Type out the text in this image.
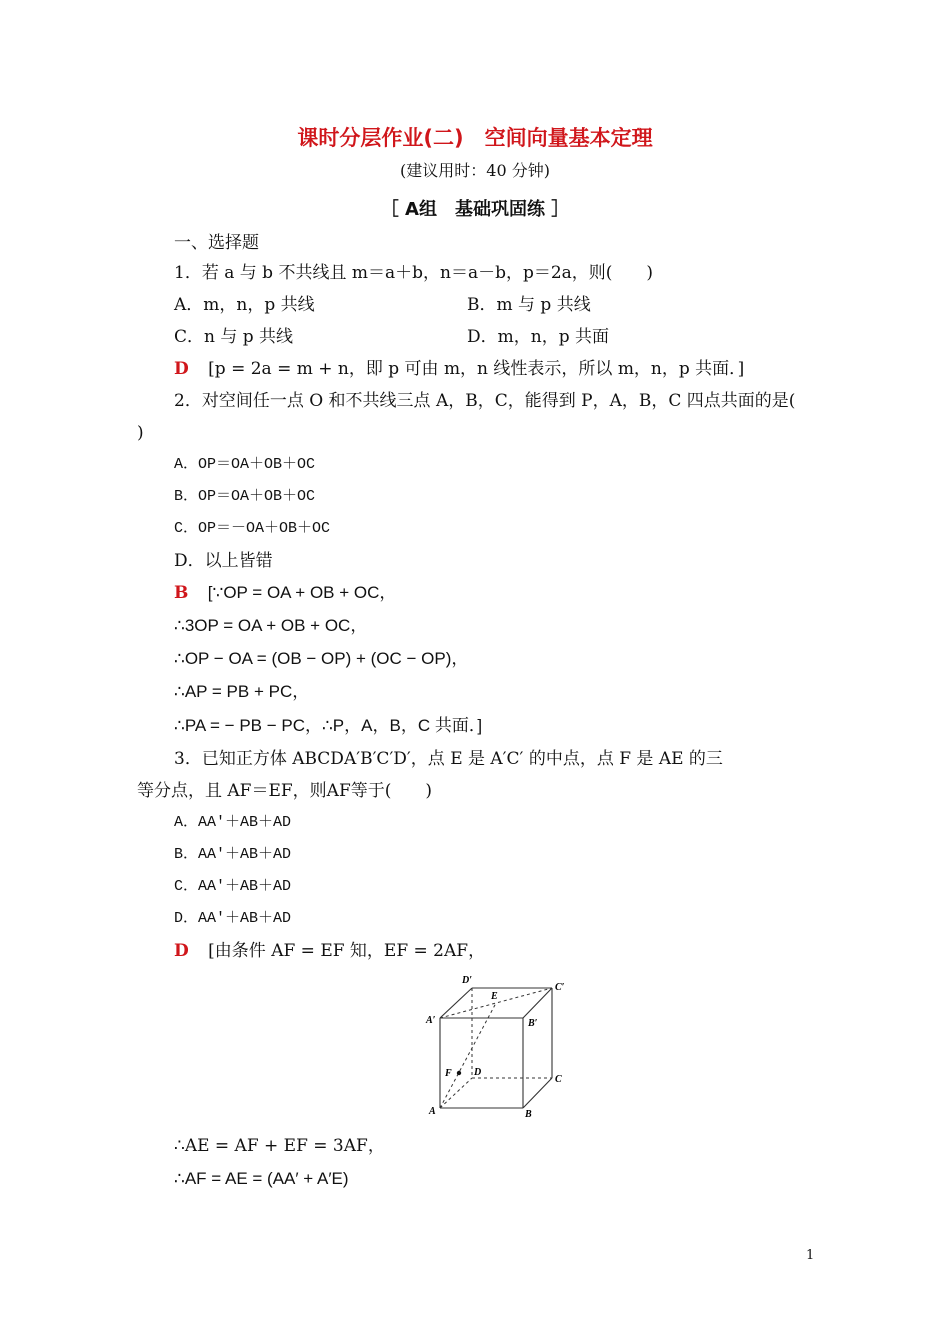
课时分层作业(二)　空间向量基本定理
(建议用时：40 分钟)
［ A组　基础巩固练 ］
一、选择题
1．若 a 与 b 不共线且 m＝a＋b，n＝a－b，p＝2a，则(　　)
A．m，n，p 共线	B．m 与 p 共线
C．n 与 p 共线	D．m，n，p 共面
D [p = 2a = m + n，即 p 可由 m，n 线性表示，所以 m，n，p 共面．]
2．对空间任一点 O 和不共线三点 A，B，C，能得到 P，A，B，C 四点共面的是(
)
A．OP＝OA＋OB＋OC
B．OP＝OA＋OB＋OC
C．OP＝－OA＋OB＋OC
D．以上皆错
B [∵OP = OA + OB + OC，
∴3OP = OA + OB + OC，
∴OP − OA = (OB − OP) + (OC − OP)，
∴AP = PB + PC，
∴PA = − PB − PC，∴P，A，B，C 共面．]
3．已知正方体 ABCDA′B′C′D′，点 E 是 A′C′ 的中点，点 F 是 AE 的三
等分点，且 AF＝EF，则AF等于(　　)
A．AA′＋AB＋AD
B．AA′＋AB＋AD
C．AA′＋AB＋AD
D．AA′＋AB＋AD
D [由条件 AF = EF 知，EF = 2AF，
D′
C′
E
A′	B′
F D
C
A	B
∴AE = AF + EF = 3AF，
∴AF = AE = (AA′ + A′E)
1
